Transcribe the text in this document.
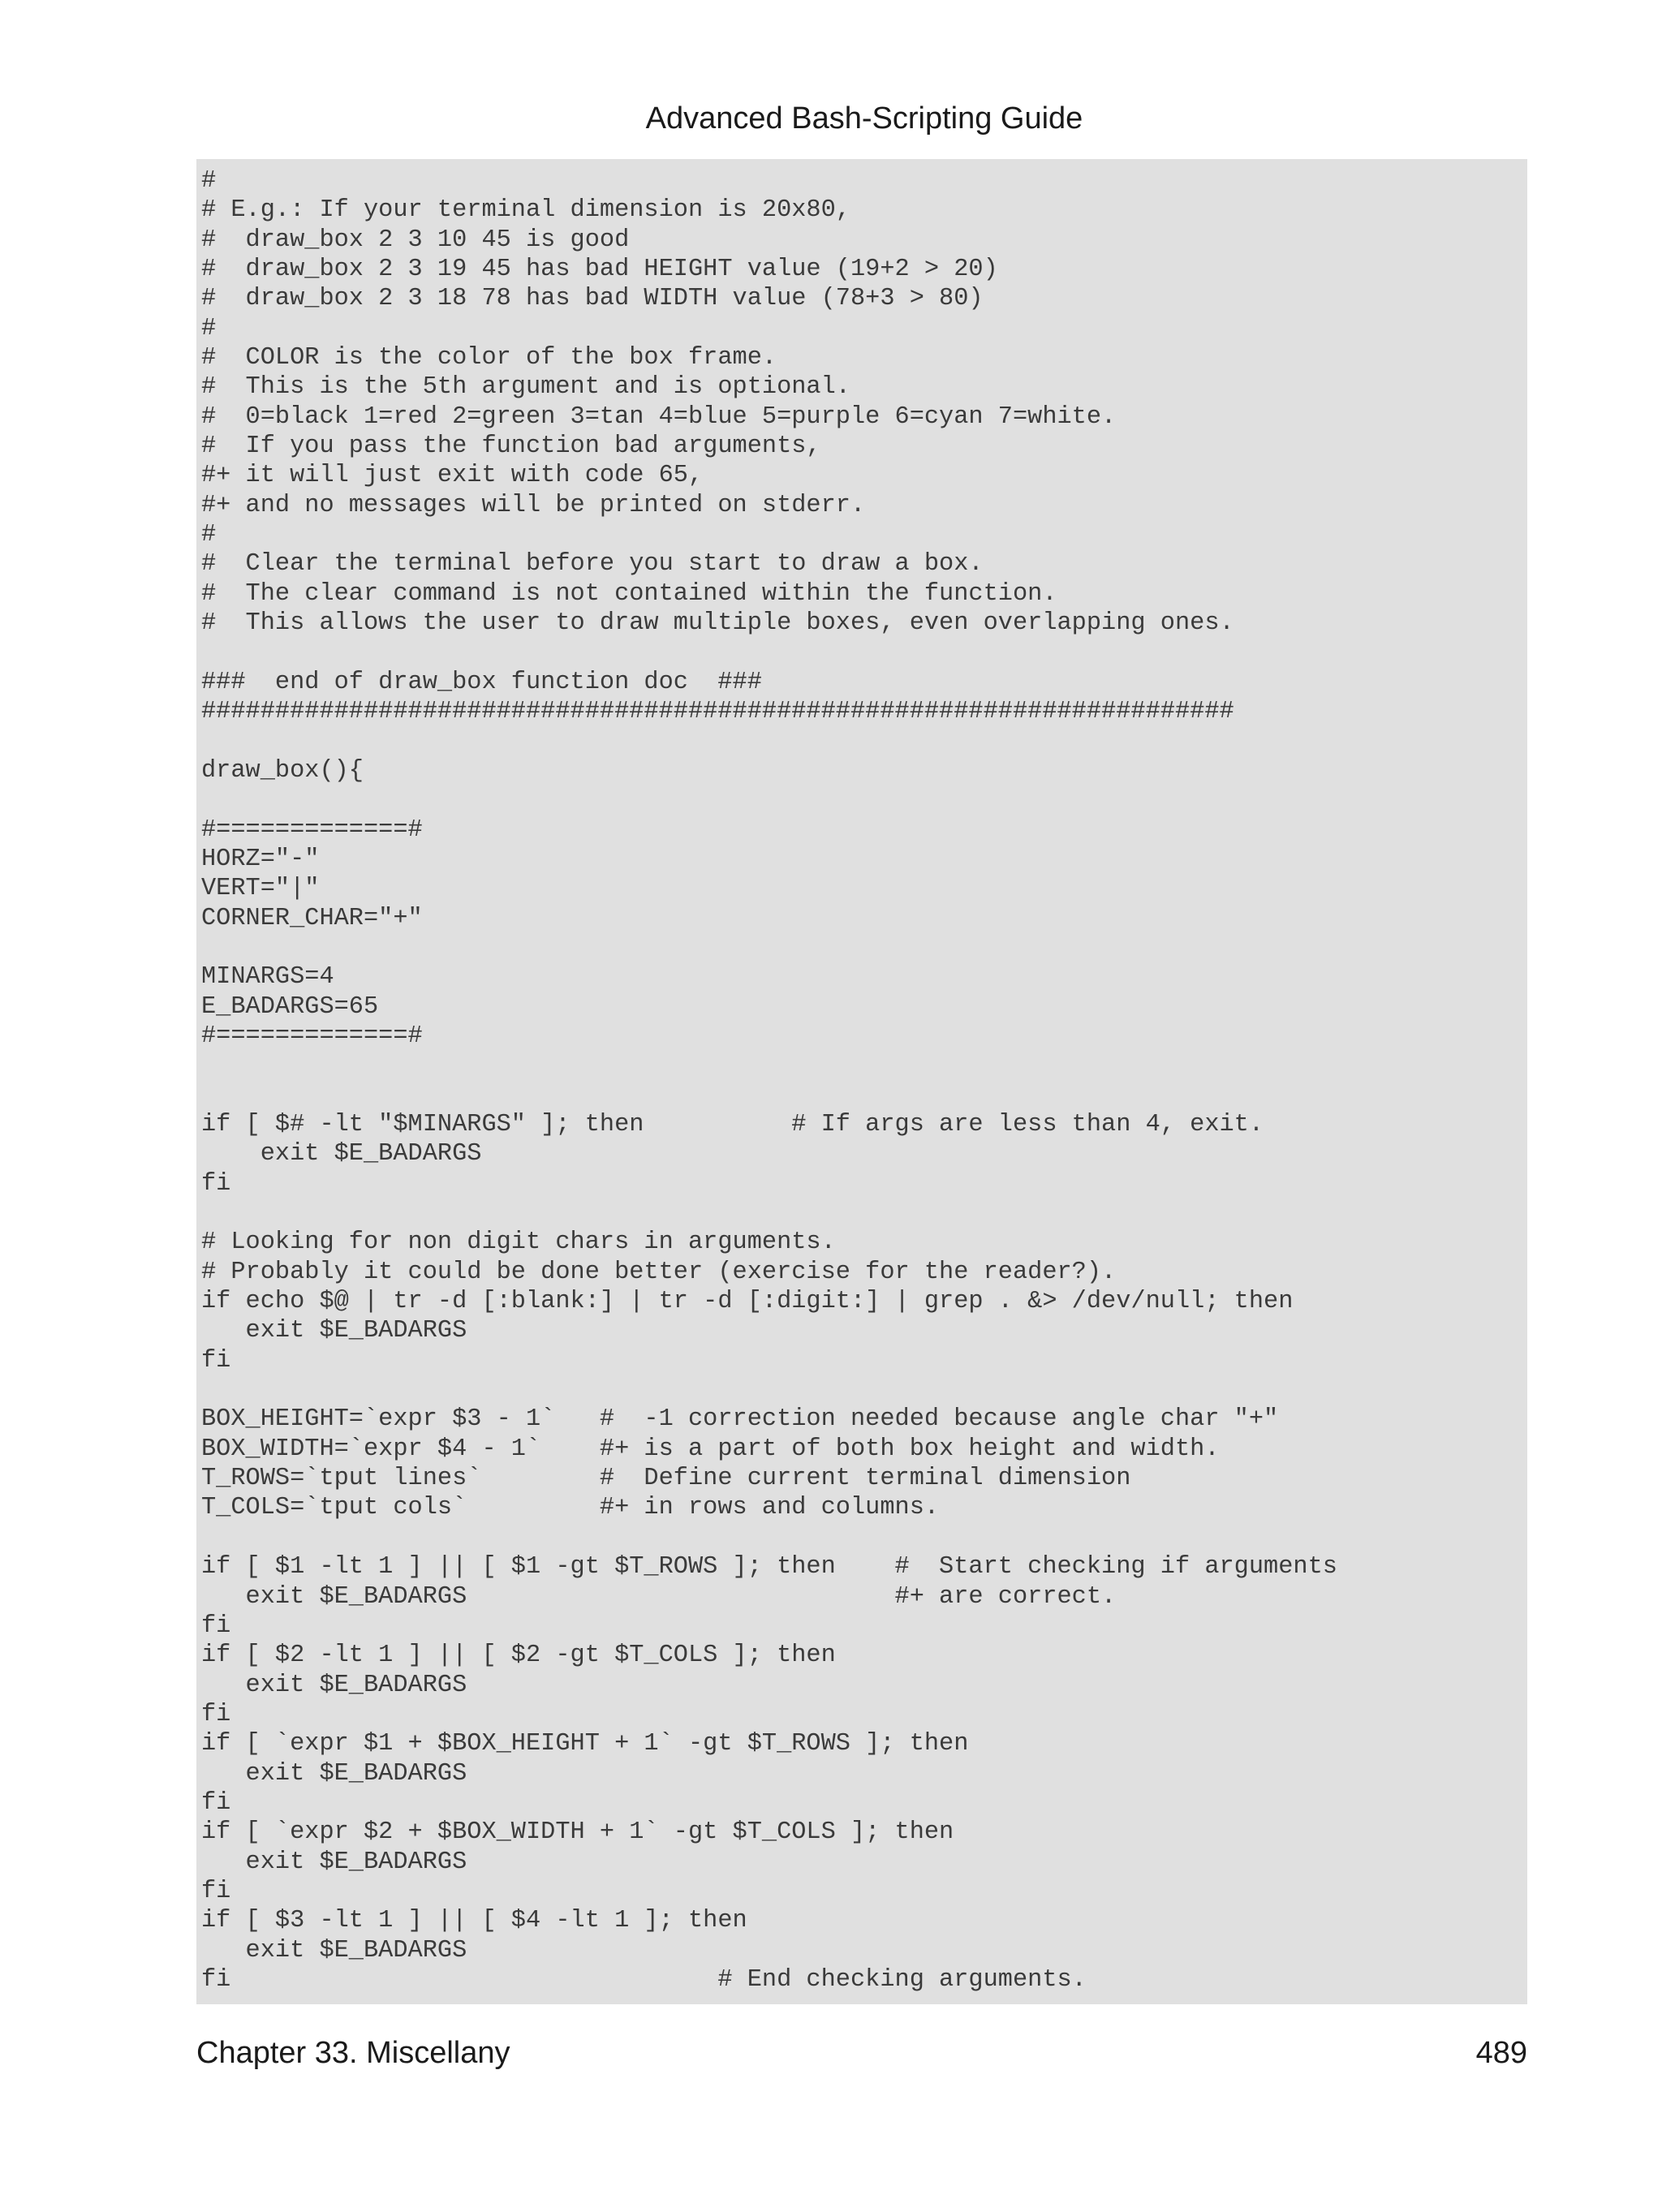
Advanced Bash-Scripting Guide
#
# E.g.: If your terminal dimension is 20x80,
#  draw_box 2 3 10 45 is good
#  draw_box 2 3 19 45 has bad HEIGHT value (19+2 > 20)
#  draw_box 2 3 18 78 has bad WIDTH value (78+3 > 80)
#
#  COLOR is the color of the box frame.
#  This is the 5th argument and is optional.
#  0=black 1=red 2=green 3=tan 4=blue 5=purple 6=cyan 7=white.
#  If you pass the function bad arguments,
#+ it will just exit with code 65,
#+ and no messages will be printed on stderr.
#
#  Clear the terminal before you start to draw a box.
#  The clear command is not contained within the function.
#  This allows the user to draw multiple boxes, even overlapping ones.
###  end of draw_box function doc  ###
######################################################################
draw_box(){
#=============#
HORZ="-"
VERT="|"
CORNER_CHAR="+"
MINARGS=4
E_BADARGS=65
#=============#
if [ $# -lt "$MINARGS" ]; then          # If args are less than 4, exit.
exit $E_BADARGS
fi
# Looking for non digit chars in arguments.
# Probably it could be done better (exercise for the reader?).
if echo $@ | tr -d [:blank:] | tr -d [:digit:] | grep . &> /dev/null; then
exit $E_BADARGS
fi
BOX_HEIGHT=`expr $3 - 1`   #  -1 correction needed because angle char "+"
BOX_WIDTH=`expr $4 - 1`    #+ is a part of both box height and width.
T_ROWS=`tput lines`        #  Define current terminal dimension
T_COLS=`tput cols`         #+ in rows and columns.
if [ $1 -lt 1 ] || [ $1 -gt $T_ROWS ]; then    #  Start checking if arguments
exit $E_BADARGS                             #+ are correct.
fi
if [ $2 -lt 1 ] || [ $2 -gt $T_COLS ]; then
exit $E_BADARGS
fi
if [ `expr $1 + $BOX_HEIGHT + 1` -gt $T_ROWS ]; then
exit $E_BADARGS
fi
if [ `expr $2 + $BOX_WIDTH + 1` -gt $T_COLS ]; then
exit $E_BADARGS
fi
if [ $3 -lt 1 ] || [ $4 -lt 1 ]; then
exit $E_BADARGS
fi                                 # End checking arguments.
Chapter 33. Miscellany	489
